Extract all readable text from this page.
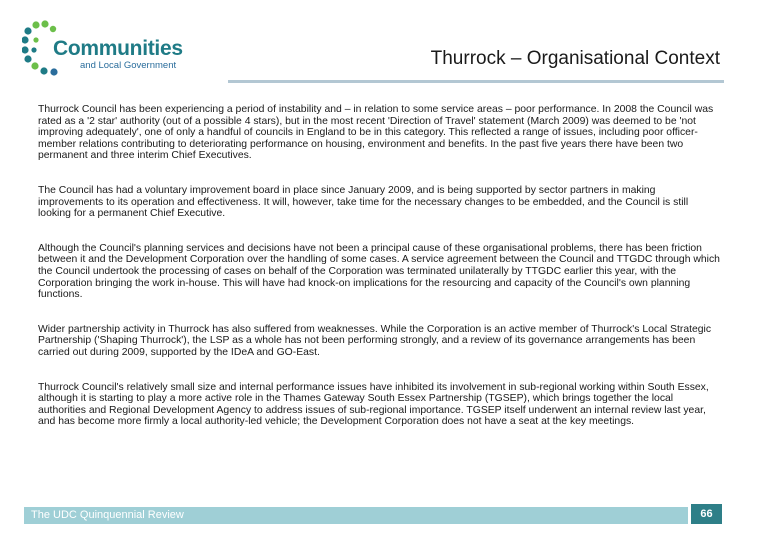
Communities
and Local Government	Thurrock – Organisational Context

Thurrock Council has been experiencing a period of instability and – in relation to some service areas – poor performance. In 2008 the Council was rated as a '2 star' authority (out of a possible 4 stars), but in the most recent 'Direction of Travel' statement (March 2009) was deemed to be 'not improving adequately', one of only a handful of councils in England to be in this category. This reflected a range of issues, including poor officer-member relations contributing to deteriorating performance on housing, environment and benefits. In the past five years there have been two permanent and three interim Chief Executives.

The Council has had a voluntary improvement board in place since January 2009, and is being supported by sector partners in making improvements to its operation and effectiveness. It will, however, take time for the necessary changes to be embedded, and the Council is still looking for a permanent Chief Executive.

Although the Council's planning services and decisions have not been a principal cause of these organisational problems, there has been friction between it and the Development Corporation over the handling of some cases. A service agreement between the Council and TTGDC through which the Council undertook the processing of cases on behalf of the Corporation was terminated unilaterally by TTGDC earlier this year, with the Corporation bringing the work in-house. This will have had knock-on implications for the resourcing and capacity of the Council's own planning functions.

Wider partnership activity in Thurrock has also suffered from weaknesses. While the Corporation is an active member of Thurrock's Local Strategic Partnership ('Shaping Thurrock'), the LSP as a whole has not been performing strongly, and a review of its governance arrangements has been carried out during 2009, supported by the IDeA and GO-East.

Thurrock Council's relatively small size and internal performance issues have inhibited its involvement in sub-regional working within South Essex, although it is starting to play a more active role in the Thames Gateway South Essex Partnership (TGSEP), which brings together the local authorities and Regional Development Agency to address issues of sub-regional importance. TGSEP itself underwent an internal review last year, and has become more firmly a local authority-led vehicle; the Development Corporation does not have a seat at the key meetings.

The UDC Quinquennial Review	66
